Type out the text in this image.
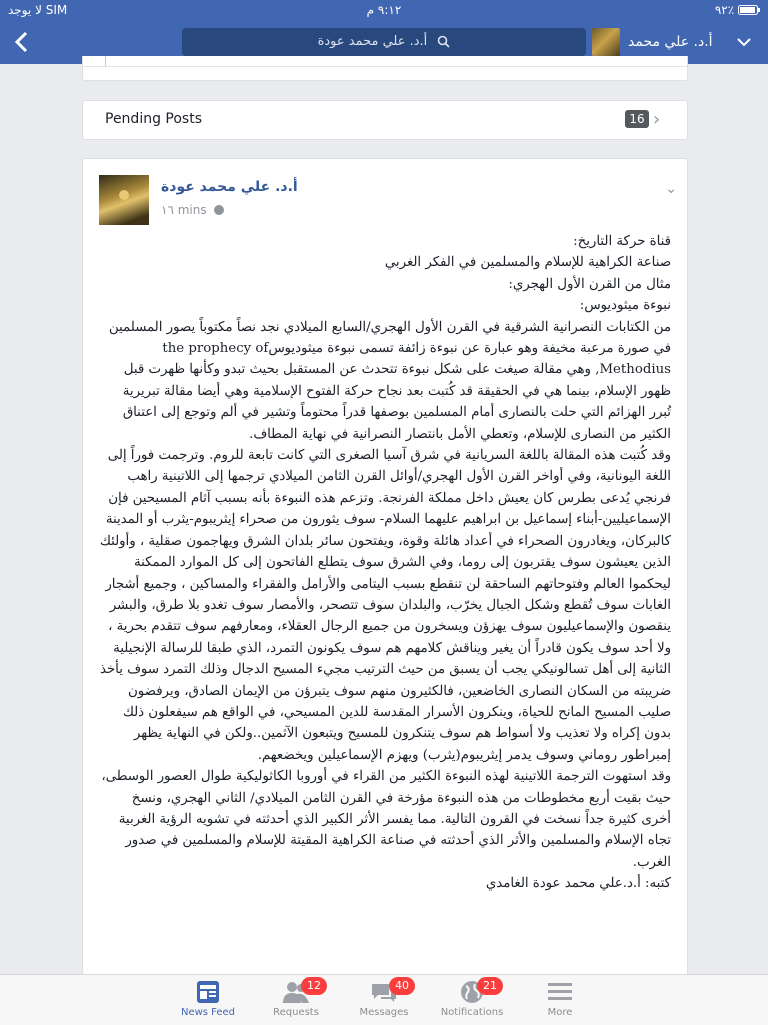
لا يوجد SIM	٩:١٢ م	٩٢٪
أ.د. علي محمد عودة	أ.د. علي محمد
Pending Posts	16 ›
أ.د. علي محمد عودة
١٦ mins
⌄

قناة حركة التاريخ:

صناعة الكراهية للإسلام والمسلمين في الفكر الغربي

مثال من القرن الأول الهجري:

نبوءة ميثوديوس:

من الكتابات النصرانية الشرقية في القرن الأول الهجري/السابع الميلادي نجد نصاً مكتوباً يصور المسلمين في صورة مرعبة مخيفة وهو عبارة عن نبوءة زائفة تسمى نبوءة ميثوديوسthe prophecy of Methodius, وهي مقالة صيغت على شكل نبوءة تتحدث عن المستقبل بحيث تبدو وكأنها ظهرت قبل ظهور الإسلام، بينما هي في الحقيقة قد كُتبت بعد نجاح حركة الفتوح الإسلامية وهي أيضا مقالة تبريرية تُبرر الهزائم التي حلت بالنصارى أمام المسلمين بوصفها قدراً محتوماً وتشير في ألم وتوجع إلى اعتناق الكثير من النصارى للإسلام، وتعطي الأمل بانتصار النصرانية في نهاية المطاف.

وقد كُتبت هذه المقالة باللغة السريانية في شرق آسيا الصغرى التي كانت تابعة للروم. وترجمت فوراً إلى اللغة اليونانية، وفي أواخر القرن الأول الهجري/أوائل القرن الثامن الميلادي ترجمها إلى اللاتينية راهب فرنجي يُدعى بطرس كان يعيش داخل مملكة الفرنجة. وتزعم هذه النبوءة بأنه بسبب آثام المسيحين فإن الإسماعيليين-أبناء إسماعيل بن ابراهيم عليهما السلام- سوف يثورون من صحراء إيثريبوم-يثرب أو المدينة كالبركان، ويغادرون الصحراء في أعداد هائلة وقوة، ويفتحون سائر بلدان الشرق ويهاجمون صقلية ، وأولئك الذين يعيشون سوف يقتربون إلى روما، وفي الشرق سوف يتطلع الفاتحون إلى كل الموارد الممكنة ليحكموا العالم وفتوحاتهم الساحقة لن تنقطع بسبب اليتامى والأرامل والفقراء والمساكين ، وجميع أشجار الغابات سوف تُقطع وشكل الجبال يخرّب، والبلدان سوف تتصحر، والأمصار سوف تغدو بلا طرق، والبشر ينقصون والإسماعيليون سوف يهزؤن ويسخرون من جميع الرجال العقلاء، ومعارفهم سوف تتقدم بحرية ، ولا أحد سوف يكون قادراً أن يغير ويناقش كلامهم هم سوف يكونون التمرد، الذي طبقا للرسالة الإنجيلية الثانية إلى أهل تسالونيكي يجب أن يسبق من حيث الترتيب مجيء المسيح الدجال وذلك التمرد سوف يأخذ ضريبته من السكان النصارى الخاضعين، فالكثيرون منهم سوف يتبرؤن من الإيمان الصادق، ويرفضون صليب المسيح المانح للحياة، وينكرون الأسرار المقدسة للدين المسيحي، في الواقع هم سيفعلون ذلك بدون إكراه ولا تعذيب ولا أسواط هم سوف يتنكرون للمسيح ويتبعون الآثمين..ولكن في النهاية يظهر إمبراطور روماني وسوف يدمر إيثريبوم(يثرب) ويهزم الإسماعيلين ويخضعهم.

وقد استهوت الترجمة اللاتينية لهذه النبوءة الكثير من القراء في أوروبا الكاثوليكية طوال العصور الوسطى، حيث بقيت أربع مخطوطات من هذه النبوءة مؤرخة في القرن الثامن الميلادي/ الثاني الهجري، ونسخ أخرى كثيرة جداً نسخت في القرون التالية. مما يفسر الأثر الكبير الذي أحدثته في تشويه الرؤية الغربية تجاه الإسلام والمسلمين والأثر الذي أحدثته في صناعة الكراهية المقيتة للإسلام والمسلمين في صدور الغرب.

كتبه: أ.د.علي محمد عودة الغامدي

News Feed
12
Requests
40
Messages
21
Notifications	More
